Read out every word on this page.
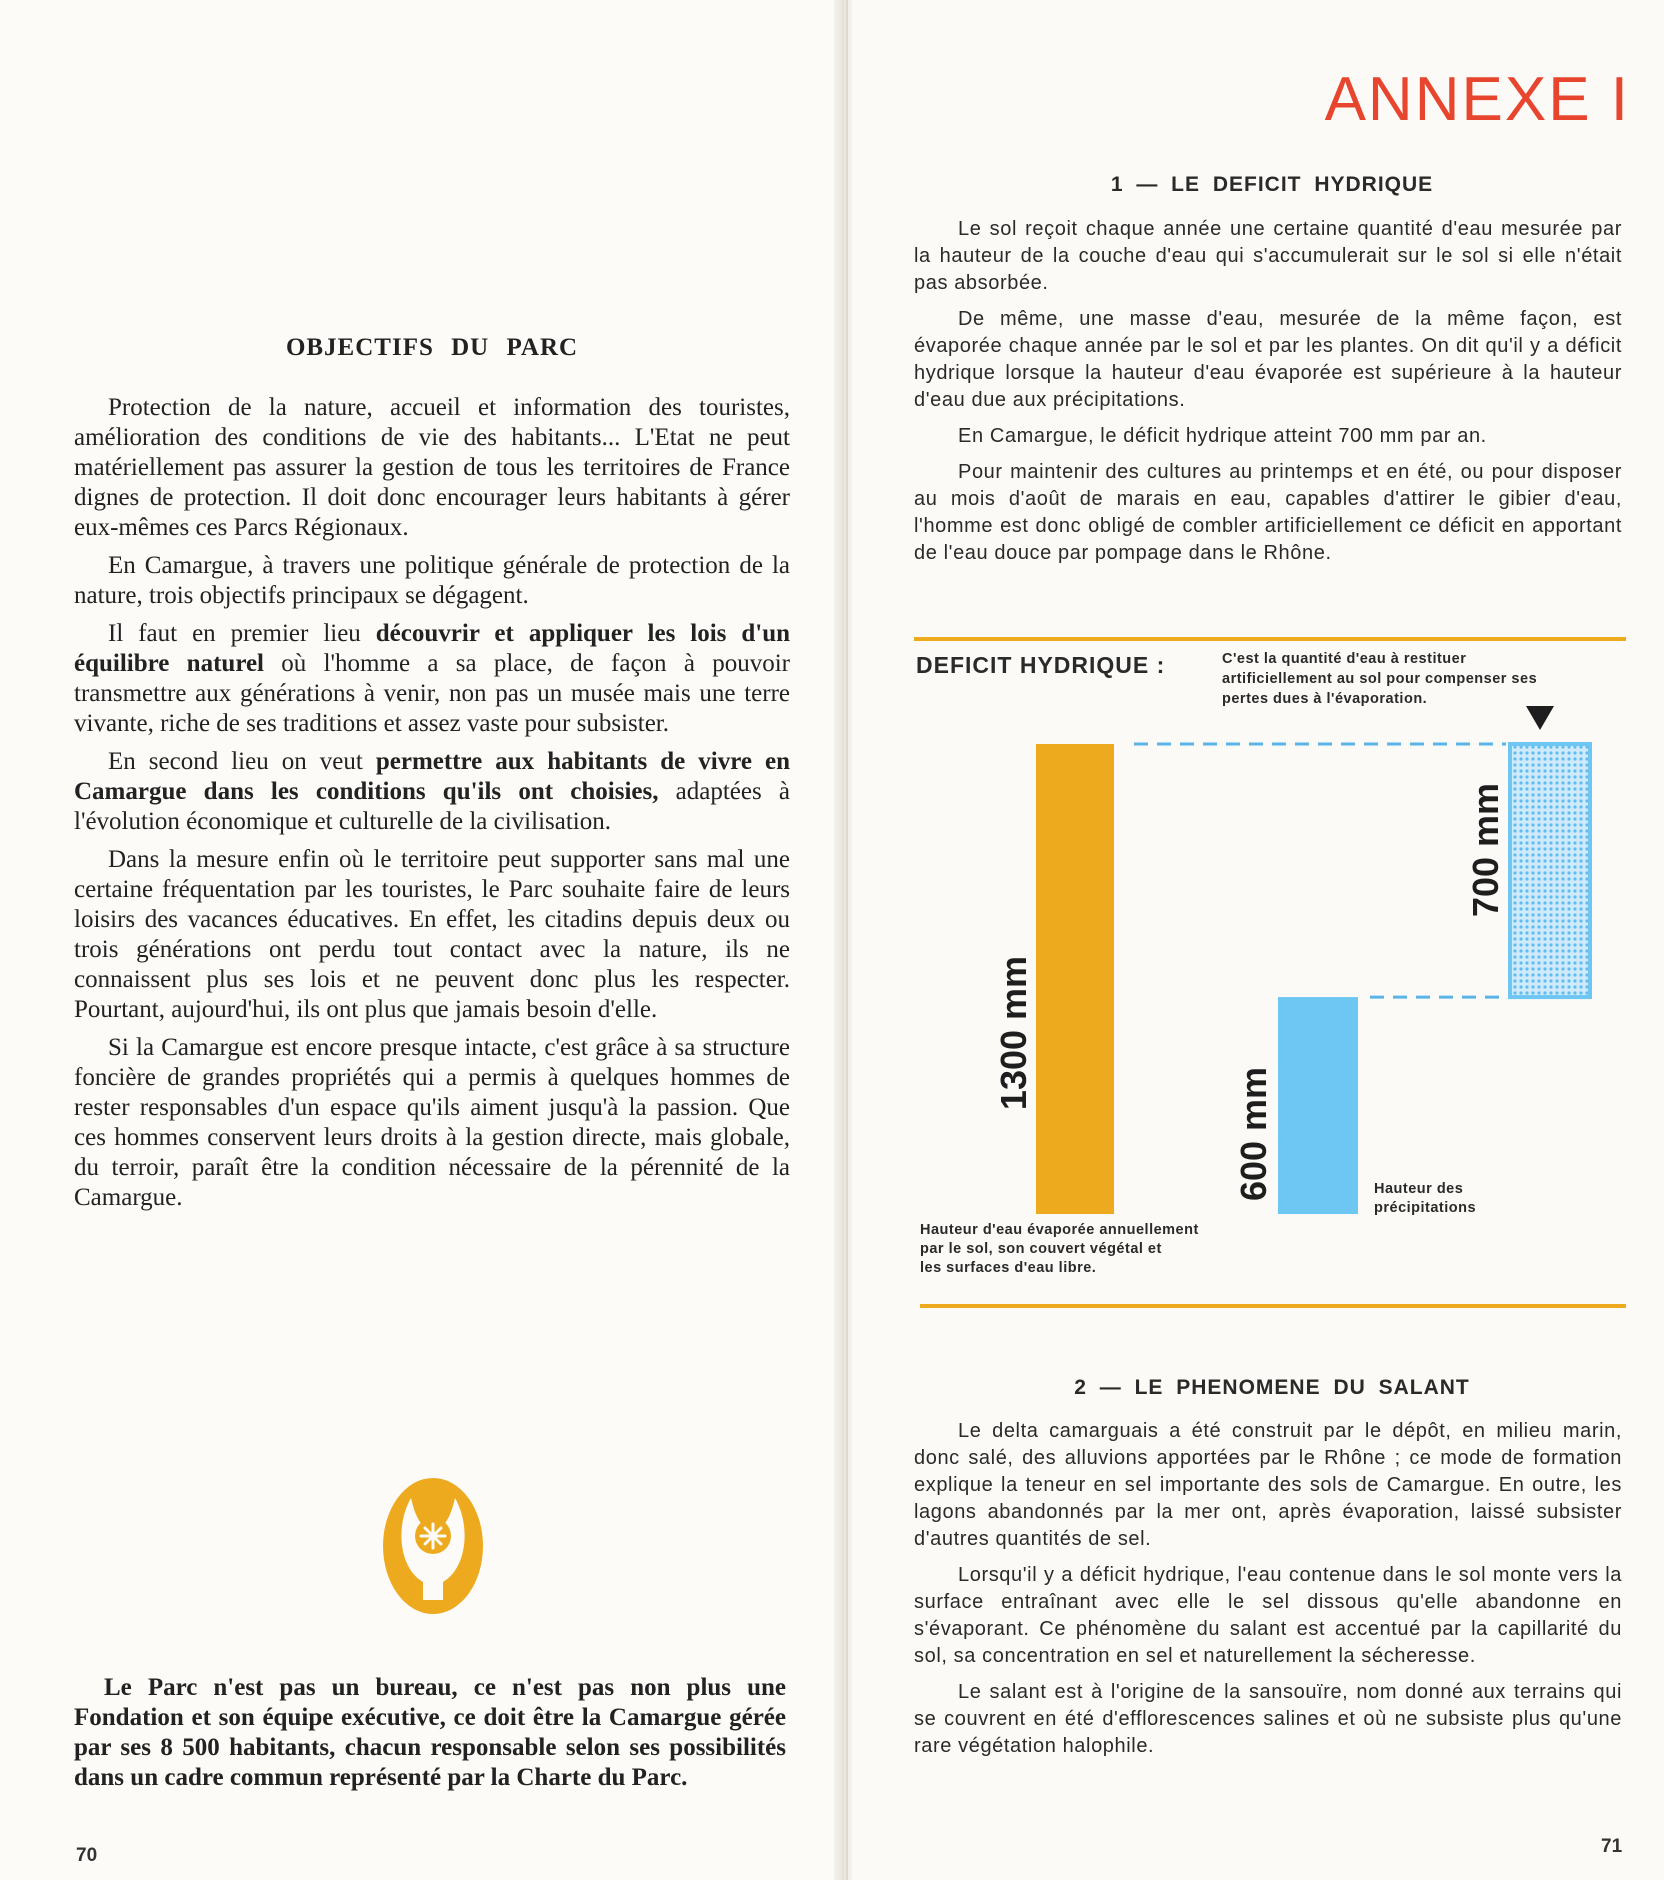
OBJECTIFS DU PARC

Protection de la nature, accueil et information des touristes, amélioration des conditions de vie des habitants... L'Etat ne peut matériellement pas assurer la gestion de tous les territoires de France dignes de protection. Il doit donc encourager leurs habitants à gérer eux-mêmes ces Parcs Régionaux.

En Camargue, à travers une politique générale de protection de la nature, trois objectifs principaux se dégagent.

Il faut en premier lieu découvrir et appliquer les lois d'un équilibre naturel où l'homme a sa place, de façon à pouvoir transmettre aux générations à venir, non pas un musée mais une terre vivante, riche de ses traditions et assez vaste pour subsister.

En second lieu on veut permettre aux habitants de vivre en Camargue dans les conditions qu'ils ont choisies, adaptées à l'évolution économique et culturelle de la civilisation.

Dans la mesure enfin où le territoire peut supporter sans mal une certaine fréquentation par les touristes, le Parc souhaite faire de leurs loisirs des vacances éducatives. En effet, les citadins depuis deux ou trois générations ont perdu tout contact avec la nature, ils ne connaissent plus ses lois et ne peuvent donc plus les respecter. Pourtant, aujourd'hui, ils ont plus que jamais besoin d'elle.

Si la Camargue est encore presque intacte, c'est grâce à sa structure foncière de grandes propriétés qui a permis à quelques hommes de rester responsables d'un espace qu'ils aiment jusqu'à la passion. Que ces hommes conservent leurs droits à la gestion directe, mais globale, du terroir, paraît être la condition nécessaire de la pérennité de la Camargue.

Le Parc n'est pas un bureau, ce n'est pas non plus une Fondation et son équipe exécutive, ce doit être la Camargue gérée par ses 8 500 habitants, chacun responsable selon ses possibilités dans un cadre commun représenté par la Charte du Parc.
70
ANNEXE I
1 — LE DEFICIT HYDRIQUE

Le sol reçoit chaque année une certaine quantité d'eau mesurée par la hauteur de la couche d'eau qui s'accumulerait sur le sol si elle n'était pas absorbée.

De même, une masse d'eau, mesurée de la même façon, est évaporée chaque année par le sol et par les plantes. On dit qu'il y a déficit hydrique lorsque la hauteur d'eau évaporée est supérieure à la hauteur d'eau due aux précipitations.

En Camargue, le déficit hydrique atteint 700 mm par an.

Pour maintenir des cultures au printemps et en été, ou pour disposer au mois d'août de marais en eau, capables d'attirer le gibier d'eau, l'homme est donc obligé de combler artificiellement ce déficit en apportant de l'eau douce par pompage dans le Rhône.

DEFICIT HYDRIQUE :	C'est la quantité d'eau à restituer artificiellement au sol pour compenser ses pertes dues à l'évaporation.
1300 mm
600 mm
700 mm
Hauteur d'eau évaporée annuellement par le sol, son couvert végétal et les surfaces d'eau libre.
Hauteur des précipitations
2 — LE PHENOMENE DU SALANT

Le delta camarguais a été construit par le dépôt, en milieu marin, donc salé, des alluvions apportées par le Rhône ; ce mode de formation explique la teneur en sel importante des sols de Camargue. En outre, les lagons abandonnés par la mer ont, après évaporation, laissé subsister d'autres quantités de sel.

Lorsqu'il y a déficit hydrique, l'eau contenue dans le sol monte vers la surface entraînant avec elle le sel dissous qu'elle abandonne en s'évaporant. Ce phénomène du salant est accentué par la capillarité du sol, sa concentration en sel et naturellement la sécheresse.

Le salant est à l'origine de la sansouïre, nom donné aux terrains qui se couvrent en été d'efflorescences salines et où ne subsiste plus qu'une rare végétation halophile.

71
